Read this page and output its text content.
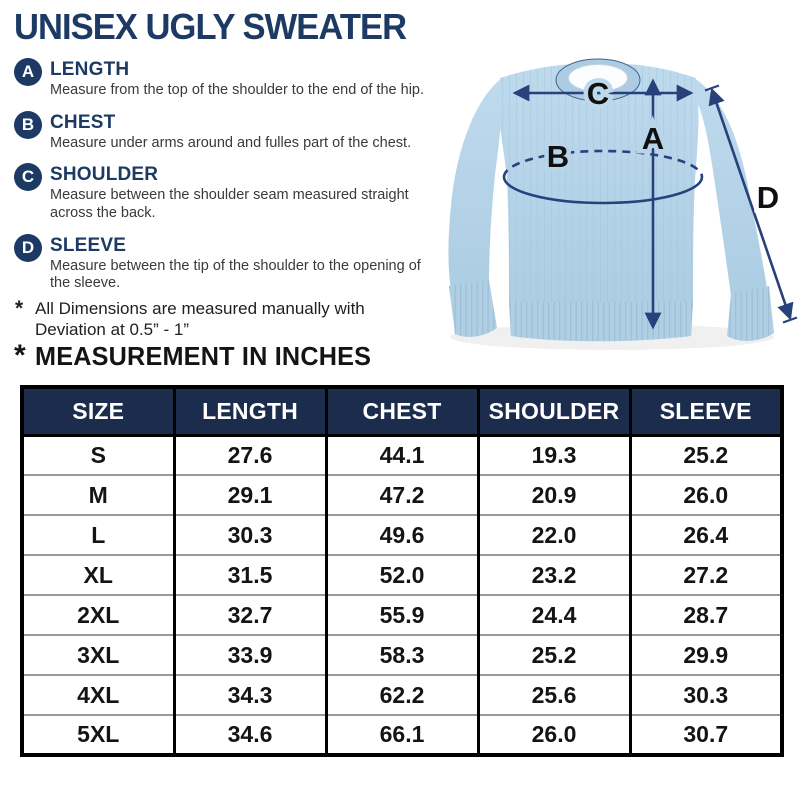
UNISEX UGLY SWEATER
A LENGTH
Measure from the top of the shoulder to the end of the hip.
B CHEST
Measure under arms around and fulles part of the chest.
C SHOULDER
Measure between the shoulder seam measured straight across the back.
D SLEEVE
Measure between the tip of the shoulder to the opening of the sleeve.
* All Dimensions are measured manually with
Deviation at 0.5” - 1”
* MEASUREMENT IN INCHES
C
A
B
D
SIZE	LENGTH	CHEST	SHOULDER	SLEEVE
S	27.6	44.1	19.3	25.2
M	29.1	47.2	20.9	26.0
L	30.3	49.6	22.0	26.4
XL	31.5	52.0	23.2	27.2
2XL	32.7	55.9	24.4	28.7
3XL	33.9	58.3	25.2	29.9
4XL	34.3	62.2	25.6	30.3
5XL	34.6	66.1	26.0	30.7
